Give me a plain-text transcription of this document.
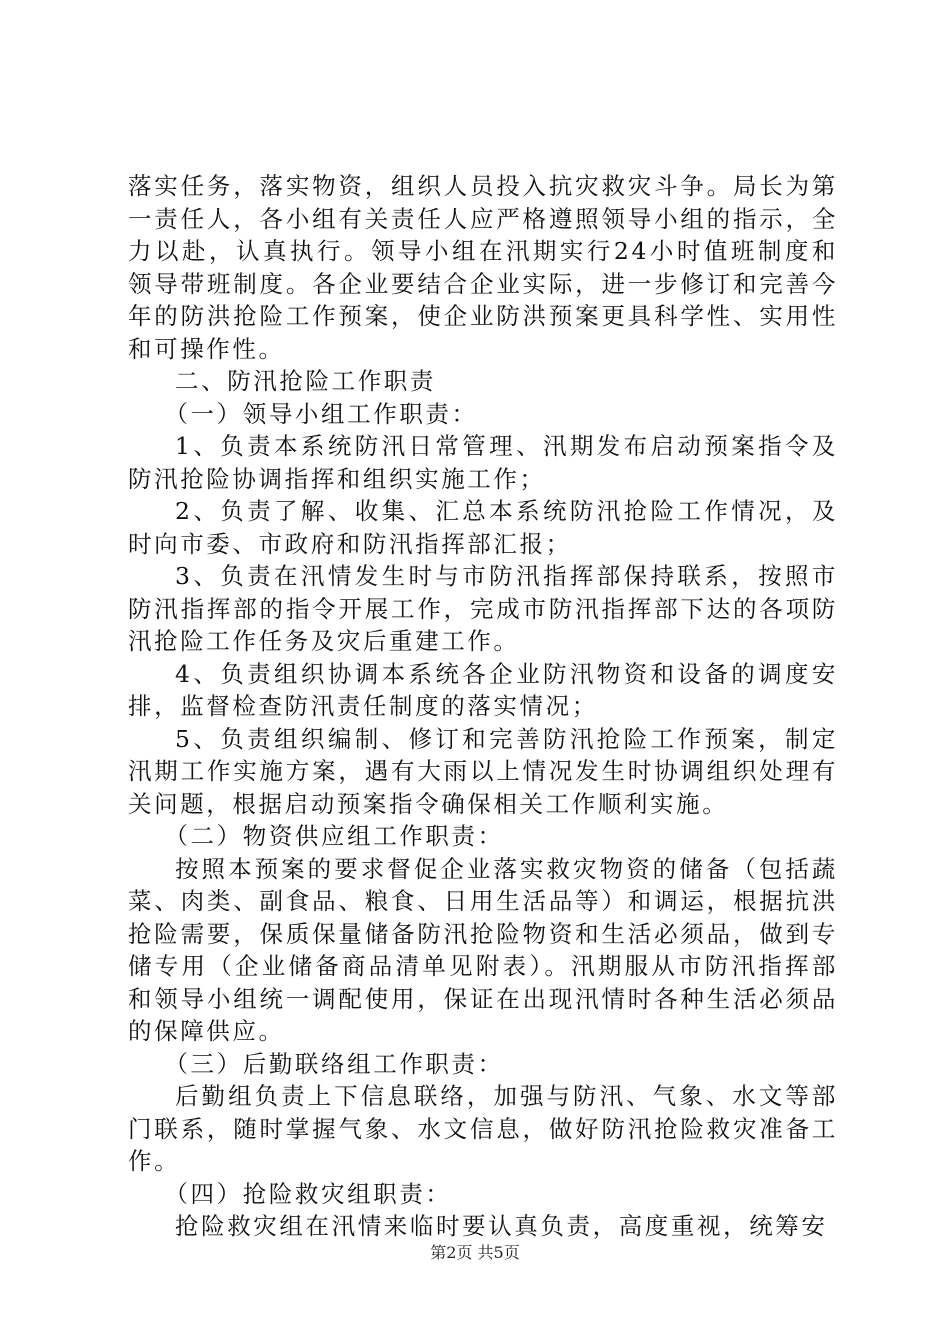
落实任务，落实物资，组织人员投入抗灾救灾斗争。局长为第一责任人，各小组有关责任人应严格遵照领导小组的指示，全力以赴，认真执行。领导小组在汛期实行24小时值班制度和领导带班制度。各企业要结合企业实际，进一步修订和完善今年的防洪抢险工作预案，使企业防洪预案更具科学性、实用性和可操作性。

二、防汛抢险工作职责

（一）领导小组工作职责：

1、负责本系统防汛日常管理、汛期发布启动预案指令及防汛抢险协调指挥和组织实施工作；

2、负责了解、收集、汇总本系统防汛抢险工作情况，及时向市委、市政府和防汛指挥部汇报；

3、负责在汛情发生时与市防汛指挥部保持联系，按照市防汛指挥部的指令开展工作，完成市防汛指挥部下达的各项防汛抢险工作任务及灾后重建工作。

4、负责组织协调本系统各企业防汛物资和设备的调度安排，监督检查防汛责任制度的落实情况；

5、负责组织编制、修订和完善防汛抢险工作预案，制定汛期工作实施方案，遇有大雨以上情况发生时协调组织处理有关问题，根据启动预案指令确保相关工作顺利实施。

（二）物资供应组工作职责：

按照本预案的要求督促企业落实救灾物资的储备（包括蔬菜、肉类、副食品、粮食、日用生活品等）和调运，根据抗洪抢险需要，保质保量储备防汛抢险物资和生活必须品，做到专储专用（企业储备商品清单见附表）。汛期服从市防汛指挥部和领导小组统一调配使用，保证在出现汛情时各种生活必须品的保障供应。

（三）后勤联络组工作职责：

后勤组负责上下信息联络，加强与防汛、气象、水文等部门联系，随时掌握气象、水文信息，做好防汛抢险救灾准备工作。

（四）抢险救灾组职责：

抢险救灾组在汛情来临时要认真负责，高度重视，统筹安

第2页 共5页
